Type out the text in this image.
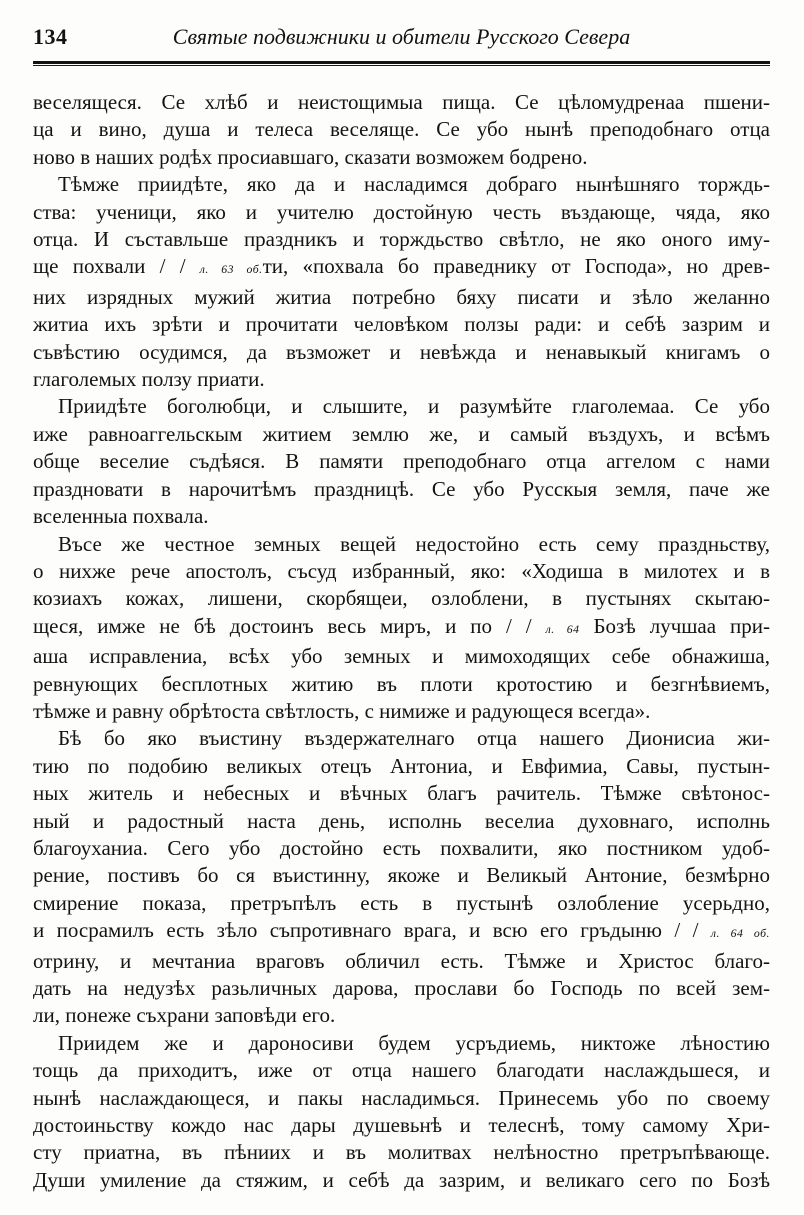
134	Святые подвижники и обители Русского Севера
веселящеся. Се хлѣб и неистощимыа пища. Се цѣломудренаа пшени-
ца и вино, душа и телеса веселяще. Се убо нынѣ преподобнаго отца
ново в наших родѣх просиавшаго, сказати возможем бодрено.
Тѣмже приидѣте, яко да и насладимся добраго нынѣшняго торждь-
ства: ученици, яко и учителю достойную честь въздающе, чяда, яко
отца. И съставльше праздникъ и торждьство свѣтло, не яко оного иму-
ще похвали / / л. 63 об.ти, «похвала бо праведнику от Господа», но древ-
них изрядных мужий житиа потребно бяху писати и зѣло желанно
житиа ихъ зрѣти и прочитати человѣком ползы ради: и себѣ зазрим и
съвѣстию осудимся, да възможет и невѣжда и ненавыкый книгамъ о
глаголемых ползу приати.
Приидѣте боголюбци, и слышите, и разумѣйте глаголемаа. Се убо
иже равноаггельскым житием землю же, и самый въздухъ, и всѣмъ
обще веселие съдѣяся. В памяти преподобнаго отца аггелом с нами
праздновати в нарочитѣмъ праздницѣ. Се убо Русскыя земля, паче же
вселенныа похвала.
Въсе же честное земных вещей недостойно есть сему праздньству,
о нихже рече апостолъ, съсуд избранный, яко: «Ходиша в милотех и в
козиахъ кожах, лишени, скорбящеи, озлоблени, в пустынях скытаю-
щеся, имже не бѣ достоинъ весь миръ, и по / / л. 64 Бозѣ лучшаа при-
аша исправлениа, всѣх убо земных и мимоходящих себе обнажиша,
ревнующих бесплотных житию въ плоти кротостию и безгнѣвиемъ,
тѣмже и равну обрѣтоста свѣтлость, с нимиже и радующеся всегда».
Бѣ бо яко въистину въздержателнаго отца нашего Дионисиа жи-
тию по подобию великых отецъ Антониа, и Евфимиа, Савы, пустын-
ных житель и небесных и вѣчных благъ рачитель. Тѣмже свѣтонос-
ный и радостный наста день, исполнь веселиа духовнаго, исполнь
благоуханиа. Сего убо достойно есть похвалити, яко постником удоб-
рение, постивъ бо ся въистинну, якоже и Великый Антоние, безмѣрно
смирение показа, претръпѣлъ есть в пустынѣ озлобление усерьдно,
и посрамилъ есть зѣло съпротивнаго врага, и всю его гръдыню / / л. 64 об.
отрину, и мечтаниа враговъ обличил есть. Тѣмже и Христос благо-
дать на недузѣх разьличных дарова, прослави бо Господь по всей зем-
ли, понеже съхрани заповѣди его.
Приидем же и дароносиви будем усръдиемь, никтоже лѣностию
тощь да приходитъ, иже от отца нашего благодати наслаждьшеся, и
нынѣ наслаждающеся, и пакы насладимься. Принесемь убо по своему
достоиньству кождо нас дары душевьнѣ и телеснѣ, тому самому Хри-
сту приатна, въ пѣниих и въ молитвах нелѣностно претръпѣвающе.
Души умиление да стяжим, и себѣ да зазрим, и великаго сего по Бозѣ
